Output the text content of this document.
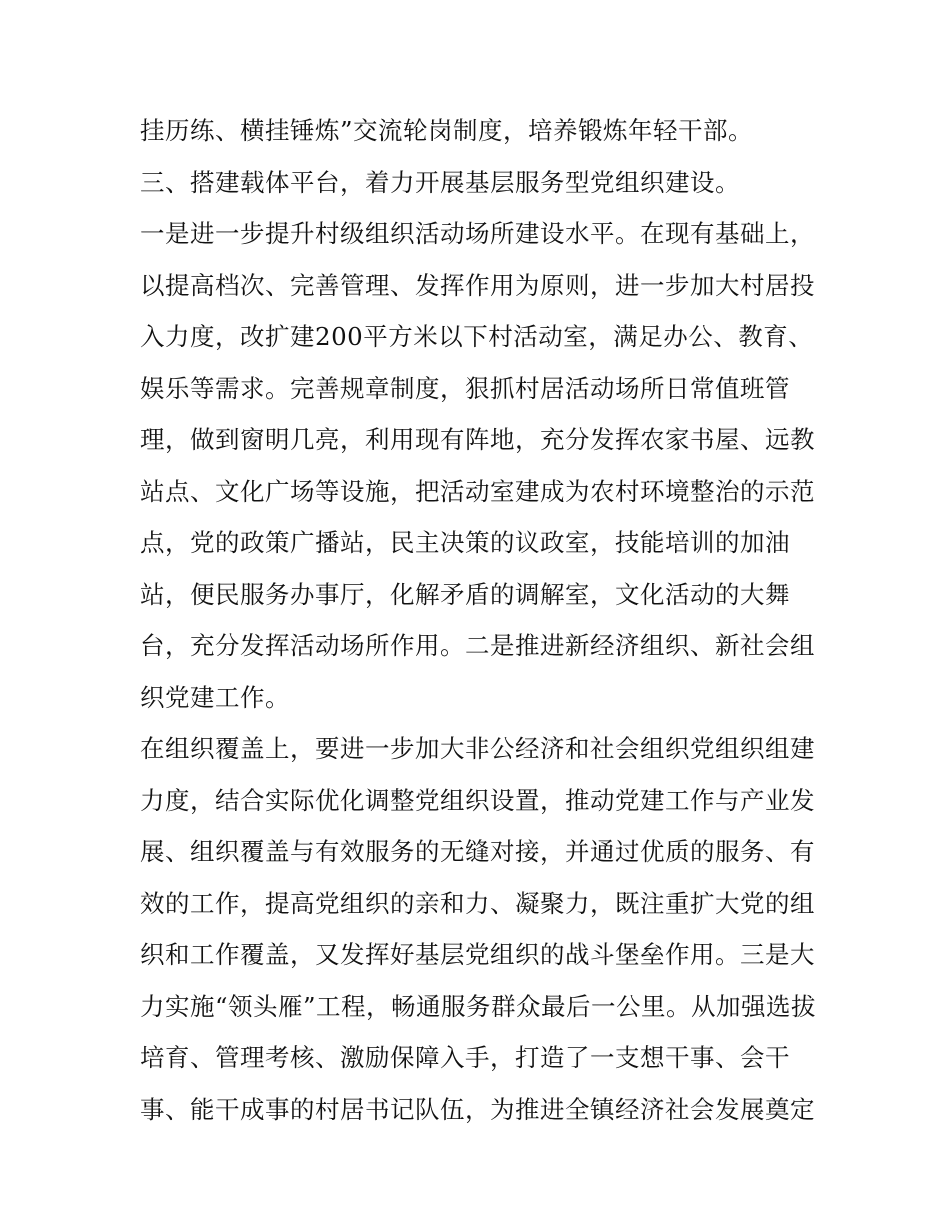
挂历练、横挂锤炼”交流轮岗制度，培养锻炼年轻干部。
三、搭建载体平台，着力开展基层服务型党组织建设。
一是进一步提升村级组织活动场所建设水平。在现有基础上，
以提高档次、完善管理、发挥作用为原则，进一步加大村居投
入力度，改扩建200平方米以下村活动室，满足办公、教育、
娱乐等需求。完善规章制度，狠抓村居活动场所日常值班管
理，做到窗明几亮，利用现有阵地，充分发挥农家书屋、远教
站点、文化广场等设施，把活动室建成为农村环境整治的示范
点，党的政策广播站，民主决策的议政室，技能培训的加油
站，便民服务办事厅，化解矛盾的调解室，文化活动的大舞
台，充分发挥活动场所作用。二是推进新经济组织、新社会组
织党建工作。
在组织覆盖上，要进一步加大非公经济和社会组织党组织组建
力度，结合实际优化调整党组织设置，推动党建工作与产业发
展、组织覆盖与有效服务的无缝对接，并通过优质的服务、有
效的工作，提高党组织的亲和力、凝聚力，既注重扩大党的组
织和工作覆盖，又发挥好基层党组织的战斗堡垒作用。三是大
力实施“领头雁”工程，畅通服务群众最后一公里。从加强选拔
培育、管理考核、激励保障入手，打造了一支想干事、会干
事、能干成事的村居书记队伍，为推进全镇经济社会发展奠定
